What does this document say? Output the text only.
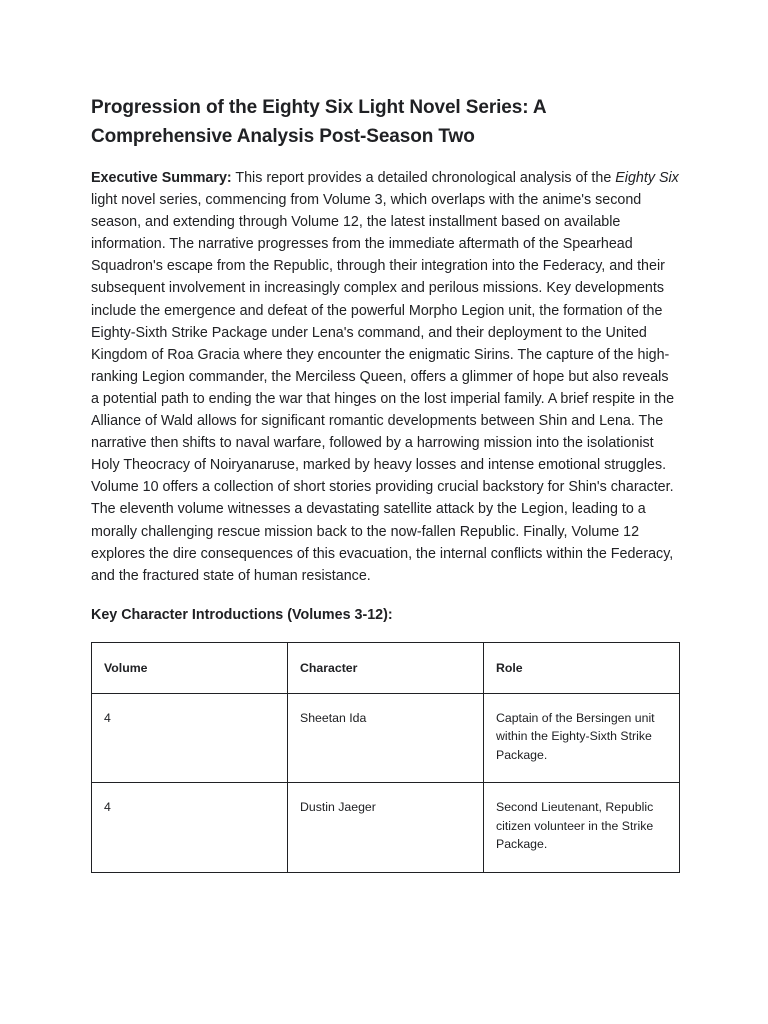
Progression of the Eighty Six Light Novel Series: A Comprehensive Analysis Post-Season Two

Executive Summary: This report provides a detailed chronological analysis of the Eighty Six light novel series, commencing from Volume 3, which overlaps with the anime's second season, and extending through Volume 12, the latest installment based on available information. The narrative progresses from the immediate aftermath of the Spearhead Squadron's escape from the Republic, through their integration into the Federacy, and their subsequent involvement in increasingly complex and perilous missions. Key developments include the emergence and defeat of the powerful Morpho Legion unit, the formation of the Eighty-Sixth Strike Package under Lena's command, and their deployment to the United Kingdom of Roa Gracia where they encounter the enigmatic Sirins. The capture of the high-ranking Legion commander, the Merciless Queen, offers a glimmer of hope but also reveals a potential path to ending the war that hinges on the lost imperial family. A brief respite in the Alliance of Wald allows for significant romantic developments between Shin and Lena. The narrative then shifts to naval warfare, followed by a harrowing mission into the isolationist Holy Theocracy of Noiryanaruse, marked by heavy losses and intense emotional struggles. Volume 10 offers a collection of short stories providing crucial backstory for Shin's character. The eleventh volume witnesses a devastating satellite attack by the Legion, leading to a morally challenging rescue mission back to the now-fallen Republic. Finally, Volume 12 explores the dire consequences of this evacuation, the internal conflicts within the Federacy, and the fractured state of human resistance.

Key Character Introductions (Volumes 3-12):
Volume	Character	Role
4	Sheetan Ida	Captain of the Bersingen unit within the Eighty-Sixth Strike Package.
4	Dustin Jaeger	Second Lieutenant, Republic citizen volunteer in the Strike Package.
